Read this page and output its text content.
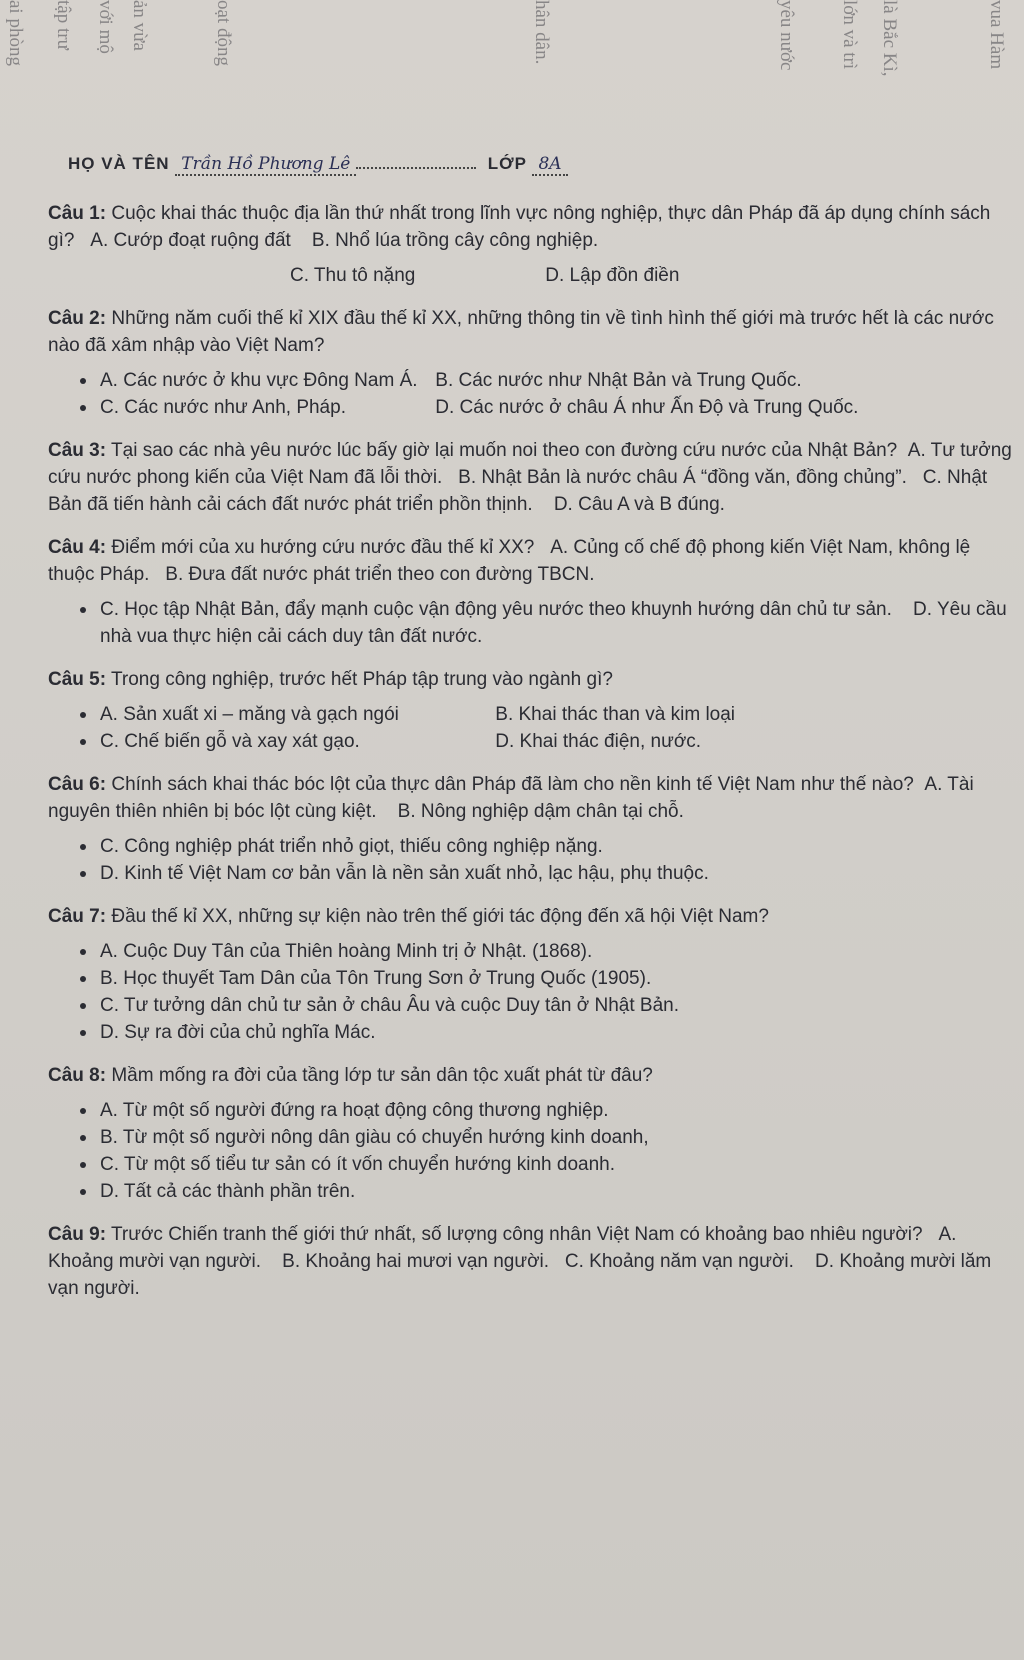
ai phòng tập trư với mộ ản vừa	oạt động	hân dân.	yêu nước lớn và trì là Bắc Kì,	vua Hàm
HỌ VÀ TÊN Trần Hồ Phương Lê	LỚP 8A
Câu 1: Cuộc khai thác thuộc địa lần thứ nhất trong lĩnh vực nông nghiệp, thực dân Pháp đã áp dụng chính sách gì? A. Cướp đoạt ruộng đất B. Nhổ lúa trồng cây công nghiệp.
C. Thu tô nặng	D. Lập đồn điền
Câu 2: Những năm cuối thế kỉ XIX đầu thế kỉ XX, những thông tin về tình hình thế giới mà trước hết là các nước nào đã xâm nhập vào Việt Nam?
A. Các nước ở khu vực Đông Nam Á. B. Các nước như Nhật Bản và Trung Quốc.
C. Các nước như Anh, Pháp.	D. Các nước ở châu Á như Ấn Độ và Trung Quốc.
Câu 3: Tại sao các nhà yêu nước lúc bấy giờ lại muốn noi theo con đường cứu nước của Nhật Bản? A. Tư tưởng cứu nước phong kiến của Việt Nam đã lỗi thời. B. Nhật Bản là nước châu Á “đồng văn, đồng chủng”. C. Nhật Bản đã tiến hành cải cách đất nước phát triển phồn thịnh. D. Câu A và B đúng.
Câu 4: Điểm mới của xu hướng cứu nước đầu thế kỉ XX? A. Củng cố chế độ phong kiến Việt Nam, không lệ thuộc Pháp. B. Đưa đất nước phát triển theo con đường TBCN.
C. Học tập Nhật Bản, đẩy mạnh cuộc vận động yêu nước theo khuynh hướng dân chủ tư sản. D. Yêu cầu nhà vua thực hiện cải cách duy tân đất nước.
Câu 5: Trong công nghiệp, trước hết Pháp tập trung vào ngành gì?
A. Sản xuất xi – măng và gạch ngói	B. Khai thác than và kim loại
C. Chế biến gỗ và xay xát gạo.	D. Khai thác điện, nước.
Câu 6: Chính sách khai thác bóc lột của thực dân Pháp đã làm cho nền kinh tế Việt Nam như thế nào? A. Tài nguyên thiên nhiên bị bóc lột cùng kiệt. B. Nông nghiệp dậm chân tại chỗ.
C. Công nghiệp phát triển nhỏ giọt, thiếu công nghiệp nặng.
D. Kinh tế Việt Nam cơ bản vẫn là nền sản xuất nhỏ, lạc hậu, phụ thuộc.
Câu 7: Đầu thế kỉ XX, những sự kiện nào trên thế giới tác động đến xã hội Việt Nam?
A. Cuộc Duy Tân của Thiên hoàng Minh trị ở Nhật. (1868).
B. Học thuyết Tam Dân của Tôn Trung Sơn ở Trung Quốc (1905).
C. Tư tưởng dân chủ tư sản ở châu Âu và cuộc Duy tân ở Nhật Bản.
D. Sự ra đời của chủ nghĩa Mác.
Câu 8: Mầm mống ra đời của tầng lớp tư sản dân tộc xuất phát từ đâu?
A. Từ một số người đứng ra hoạt động công thương nghiệp.
B. Từ một số người nông dân giàu có chuyển hướng kinh doanh,
C. Từ một số tiểu tư sản có ít vốn chuyển hướng kinh doanh.
D. Tất cả các thành phần trên.
Câu 9: Trước Chiến tranh thế giới thứ nhất, số lượng công nhân Việt Nam có khoảng bao nhiêu người? A. Khoảng mười vạn người. B. Khoảng hai mươi vạn người. C. Khoảng năm vạn người. D. Khoảng mười lăm vạn người.
